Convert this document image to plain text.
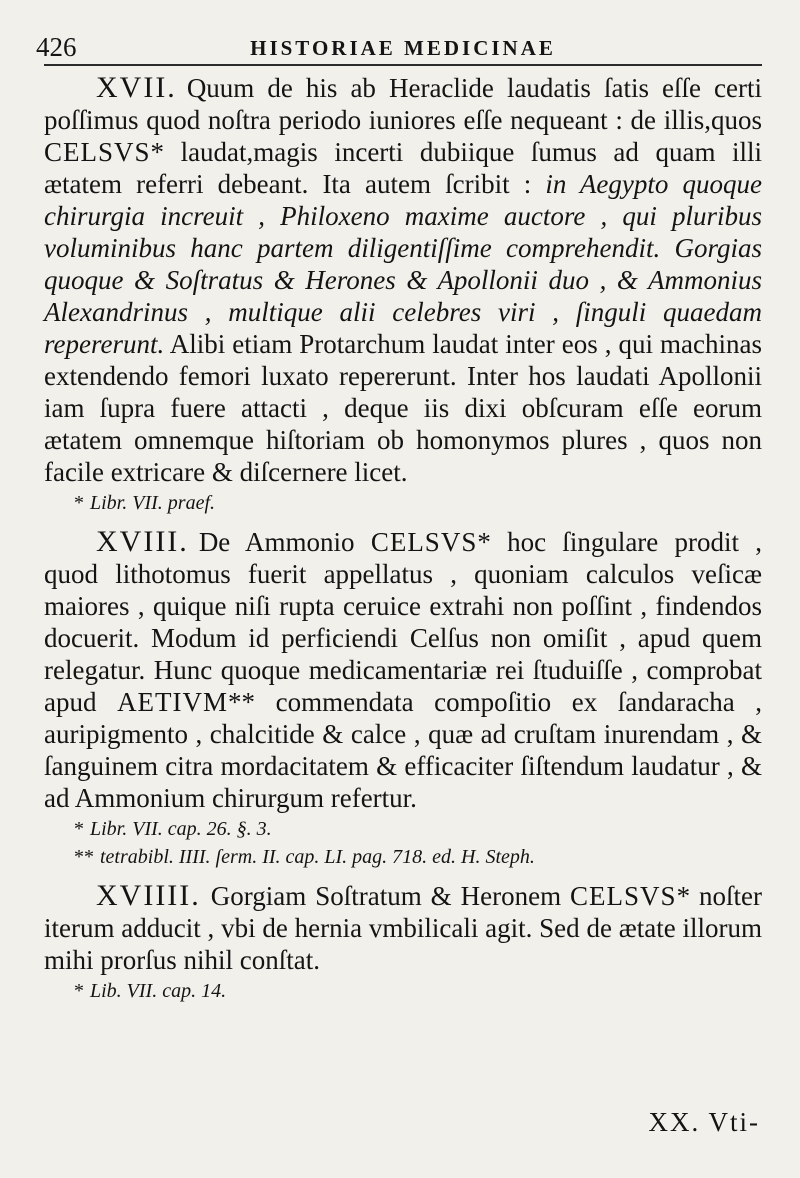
426	HISTORIAE MEDICINAE

XVII. Quum de his ab Heraclide laudatis ſatis eſſe certi poſſimus quod noſtra periodo iuniores eſſe nequeant : de illis,quos CELSVS* laudat,magis incerti dubiique ſumus ad quam illi ætatem referri debeant. Ita autem ſcribit : in Aegypto quoque chirurgia increuit , Philoxeno maxime auctore , qui pluribus voluminibus hanc partem diligentiſſime comprehendit. Gorgias quoque & Soſtratus & Herones & Apollonii duo , & Ammonius Alexandrinus , multique alii celebres viri , ſinguli quaedam repererunt. Alibi etiam Protarchum laudat inter eos , qui machinas extendendo femori luxato repererunt. Inter hos laudati Apollonii iam ſupra fuere attacti , deque iis dixi obſcuram eſſe eorum ætatem omnemque hiſtoriam ob homonymos plures , quos non facile extricare & diſcernere licet.

* Libr. VII. praef.

XVIII. De Ammonio CELSVS* hoc ſingulare prodit , quod lithotomus fuerit appellatus , quoniam calculos veſicæ maiores , quique niſi rupta ceruice extrahi non poſſint , findendos docuerit. Modum id perficiendi Celſus non omiſit , apud quem relegatur. Hunc quoque medicamentariæ rei ſtuduiſſe , comprobat apud AETIVM** commendata compoſitio ex ſandaracha , auripigmento , chalcitide & calce , quæ ad cruſtam inurendam , & ſanguinem citra mordacitatem & efficaciter ſiſtendum laudatur , & ad Ammonium chirurgum refertur.

* Libr. VII. cap. 26. §. 3.
** tetrabibl. IIII. ſerm. II. cap. LI. pag. 718. ed. H. Steph.

XVIIII. Gorgiam Soſtratum & Heronem CELSVS* noſter iterum adducit , vbi de hernia vmbilicali agit. Sed de ætate illorum mihi prorſus nihil conſtat.

* Lib. VII. cap. 14.
XX. Vti-
